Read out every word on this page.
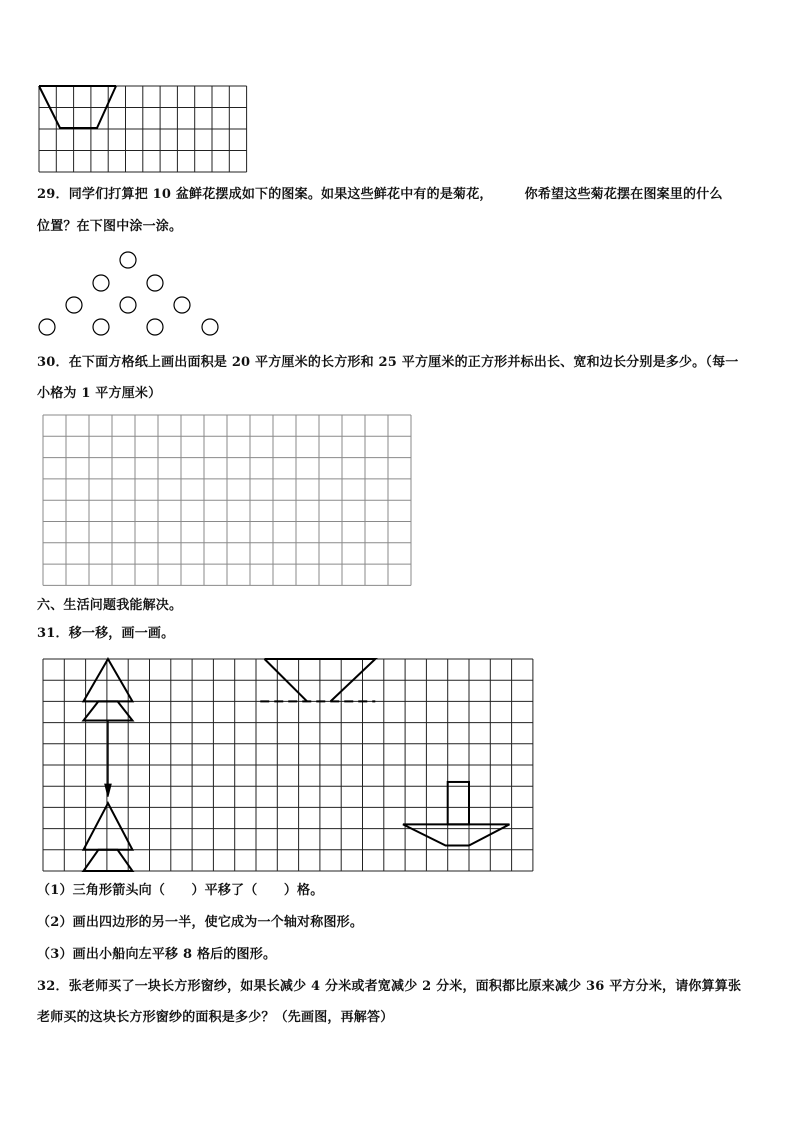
29．同学们打算把 10 盆鲜花摆成如下的图案。如果这些鲜花中有的是菊花， 你希望这些菊花摆在图案里的什么
位置？在下图中涂一涂。
30．在下面方格纸上画出面积是 20 平方厘米的长方形和 25 平方厘米的正方形并标出长、宽和边长分别是多少。（每一
小格为 1 平方厘米）
六、生活问题我能解决。
31．移一移，画一画。
（1）三角形箭头向（　　）平移了（　　）格。
（2）画出四边形的另一半，使它成为一个轴对称图形。
（3）画出小船向左平移 8 格后的图形。
32．张老师买了一块长方形窗纱，如果长减少 4 分米或者宽减少 2 分米，面积都比原来减少 36 平方分米，请你算算张
老师买的这块长方形窗纱的面积是多少？（先画图，再解答）
